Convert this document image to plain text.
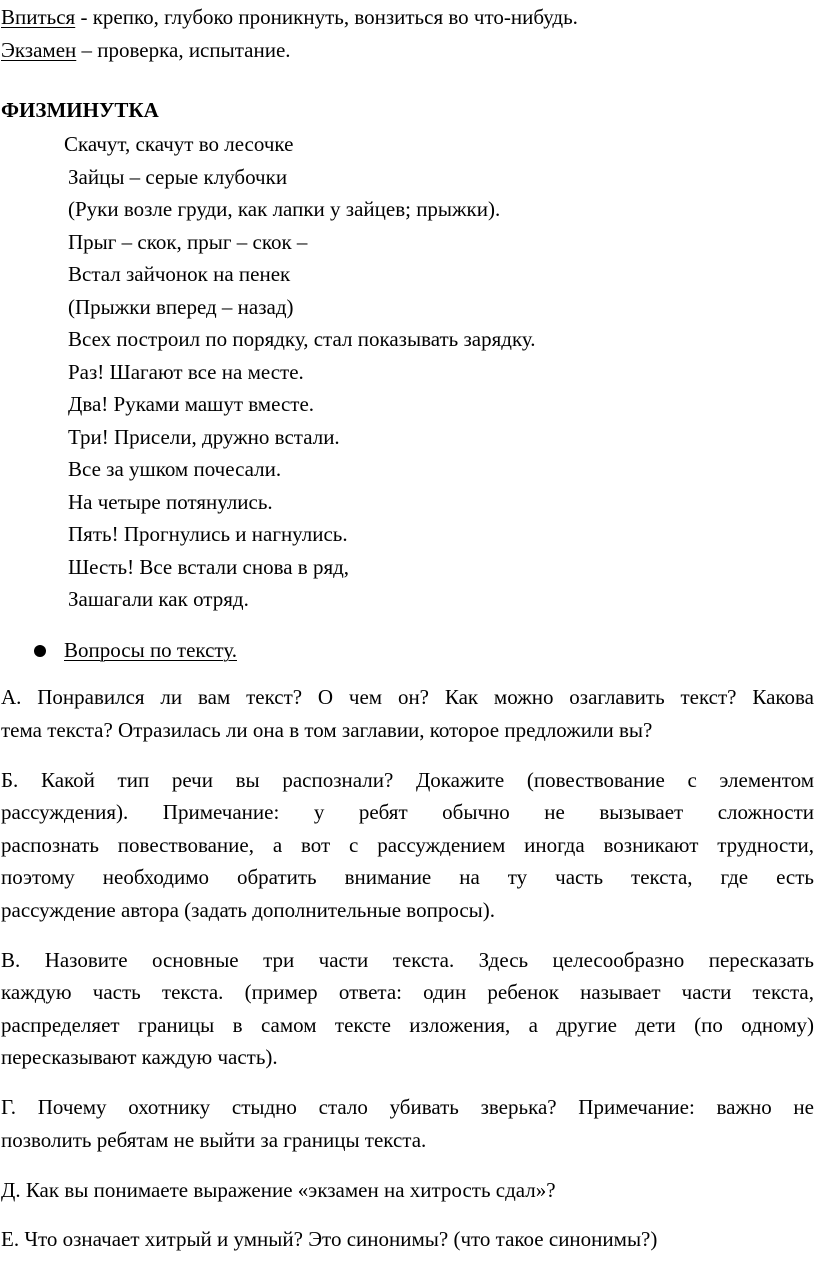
Впиться - крепко, глубоко проникнуть, вонзиться во что-нибудь.
Экзамен – проверка, испытание.
ФИЗМИНУТКА
Скачут, скачут во лесочке
Зайцы – серые клубочки
(Руки возле груди, как лапки у зайцев; прыжки).
Прыг – скок, прыг – скок –
Встал зайчонок на пенек
(Прыжки вперед – назад)
Всех построил по порядку, стал показывать зарядку.
Раз! Шагают все на месте.
Два! Руками машут вместе.
Три! Присели, дружно встали.
Все за ушком почесали.
На четыре потянулись.
Пять! Прогнулись и нагнулись.
Шесть! Все встали снова в ряд,
Зашагали как отряд.
Вопросы по тексту.
А. Понравился ли вам текст? О чем он? Как можно озаглавить текст? Какова
тема текста? Отразилась ли она в том заглавии, которое предложили вы?
Б. Какой тип речи вы распознали? Докажите (повествование с элементом
рассуждения). Примечание: у ребят обычно не вызывает сложности
распознать повествование, а вот с рассуждением иногда возникают трудности,
поэтому необходимо обратить внимание на ту часть текста, где есть
рассуждение автора (задать дополнительные вопросы).
В. Назовите основные три части текста. Здесь целесообразно пересказать
каждую часть текста. (пример ответа: один ребенок называет части текста,
распределяет границы в самом тексте изложения, а другие дети (по одному)
пересказывают каждую часть).
Г. Почему охотнику стыдно стало убивать зверька? Примечание: важно не
позволить ребятам не выйти за границы текста.
Д. Как вы понимаете выражение «экзамен на хитрость сдал»?
Е. Что означает хитрый и умный? Это синонимы? (что такое синонимы?)
